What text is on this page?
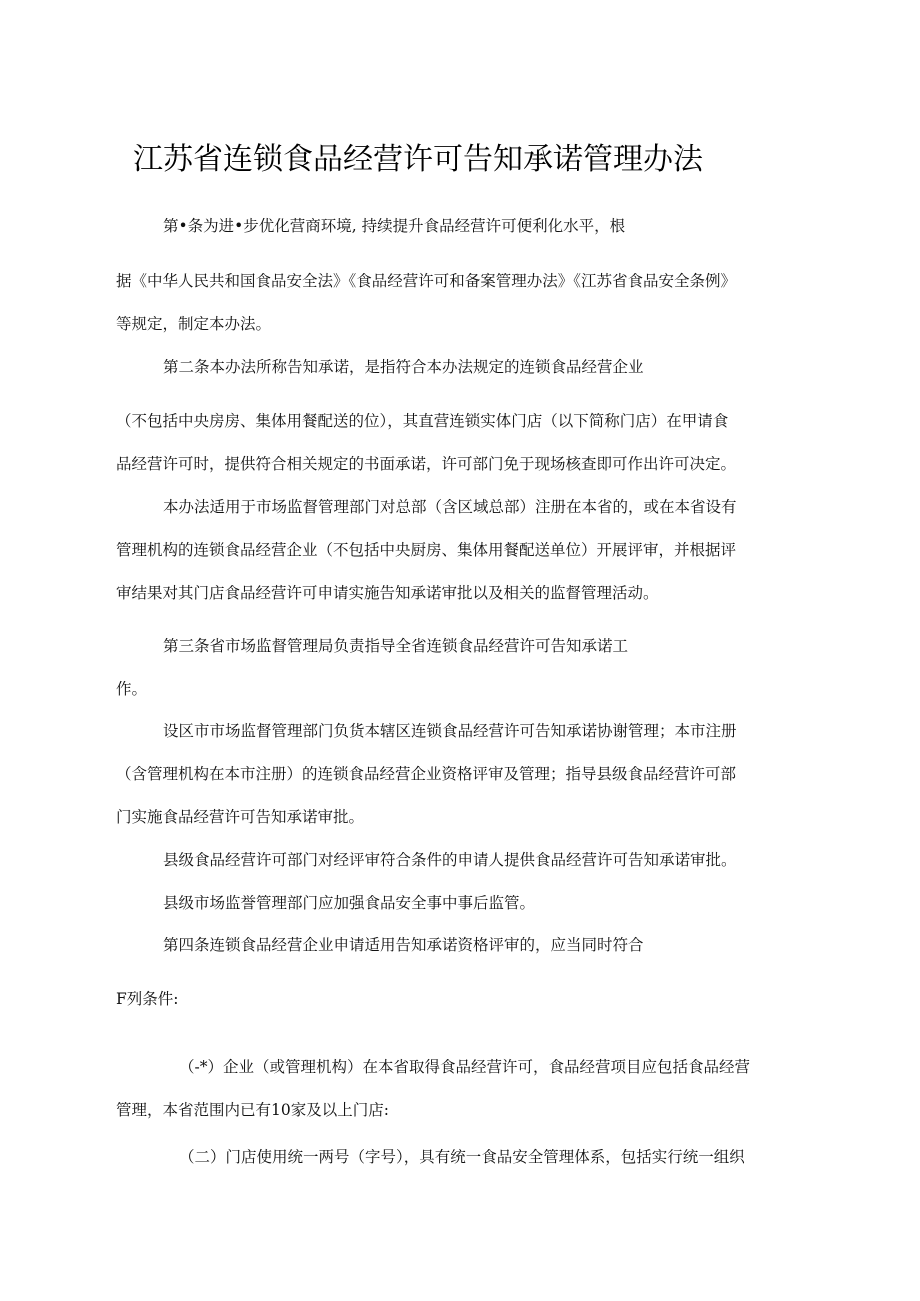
江苏省连锁食品经营许可告知承诺管理办法

第•条为进•步优化营商环境, 持续提升食品经营许可便利化水平，根

据《中华人民共和国食品安全法》《食品经营许可和备案管理办法》《江苏省食品安全条例》

等规定，制定本办法。

第二条本办法所称告知承诺，是指符合本办法规定的连锁食品经营企业

（不包括中央房房、集体用餐配送的位），其直营连锁实体门店（以下简称门店）在甲请食

品经营许可时，提供符合相关规定的书面承诺，许可部门免于现场核查即可作出许可决定。

本办法适用于市场监督管理部门对总部（含区域总部）注册在本省的，或在本省设有

管理机构的连锁食品经营企业（不包括中央厨房、集体用餐配送单位）开展评审，并根据评

审结果对其门店食品经营许可申请实施告知承诺审批以及相关的监督管理活动。

第三条省市场监督管理局负责指导全省连锁食品经营许可告知承诺工

作。

设区市市场监督管理部门负货本辖区连锁食品经营许可告知承诺协谢管理；本市注册

（含管理机构在本市注册）的连锁食品经营企业资格评审及管理；指导县级食品经营许可部

门实施食品经营许可告知承诺审批。

县级食品经营许可部门对经评审符合条件的申请人提供食品经营许可告知承诺审批。

县级市场监誉管理部门应加强食品安全事中事后监管。

第四条连锁食品经营企业申请适用告知承诺资格评审的，应当同时符合

F列条件:

（-*）企业（或管理机构）在本省取得食品经营许可，食品经营项目应包括食品经营

管理，本省范围内已有10家及以上门店:

（二）门店使用统一两号（字号），具有统一食品安全管理体系，包括实行统一组织
